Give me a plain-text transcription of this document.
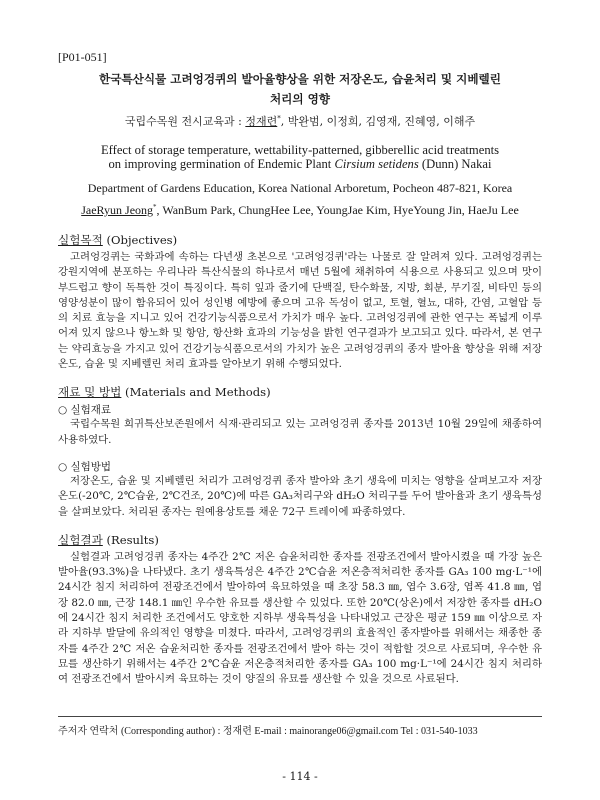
[P01-051]
한국특산식물 고려엉겅퀴의 발아율향상을 위한 저장온도, 습윤처리 및 지베렐린
처리의 영향
국립수목원 전시교육과 : 정재련*, 박완범, 이정희, 김영재, 진혜영, 이해주
Effect of storage temperature, wettability-patterned, gibberellic acid treatments
on improving germination of Endemic Plant Cirsium setidens (Dunn) Nakai
Department of Gardens Education, Korea National Arboretum, Pocheon 487-821, Korea
JaeRyun Jeong*, WanBum Park, ChungHee Lee, YoungJae Kim, HyeYoung Jin, HaeJu Lee
실험목적 (Objectives)
고려엉겅퀴는 국화과에 속하는 다년생 초본으로 '고려엉겅퀴'라는 나물로 잘 알려져 있다. 고려엉겅퀴는 강원지역에 분포하는 우리나라 특산식물의 하나로서 매년 5월에 채취하여 식용으로 사용되고 있으며 맛이 부드럽고 향이 독특한 것이 특징이다. 특히 잎과 줄기에 단백질, 탄수화물, 지방, 회분, 무기질, 비타민 등의 영양성분이 많이 함유되어 있어 성인병 예방에 좋으며 고유 독성이 없고, 토혈, 혈뇨, 대하, 간염, 고혈압 등의 치료 효능을 지니고 있어 건강기능식품으로서 가치가 매우 높다. 고려엉겅퀴에 관한 연구는 폭넓게 이루어져 있지 않으나 항노화 및 항암, 항산화 효과의 기능성을 밝힌 연구결과가 보고되고 있다. 따라서, 본 연구는 약리효능을 가지고 있어 건강기능식품으로서의 가치가 높은 고려엉겅퀴의 종자 발아율 향상을 위해 저장온도, 습윤 및 지베렐린 처리 효과를 알아보기 위해 수행되었다.
재료 및 방법 (Materials and Methods)
○ 실험재료
국립수목원 희귀특산보존원에서 식재·관리되고 있는 고려엉겅퀴 종자를 2013년 10월 29일에 채종하여 사용하였다.
○ 실험방법
저장온도, 습윤 및 지베렐린 처리가 고려엉겅퀴 종자 발아와 초기 생육에 미치는 영향을 살펴보고자 저장온도(-20℃, 2℃습윤, 2℃건조, 20℃)에 따른 GA₃처리구와 dH₂O 처리구를 두어 발아율과 초기 생육특성을 살펴보았다. 처리된 종자는 원예용상토를 채운 72구 트레이에 파종하였다.
실험결과 (Results)
실험결과 고려엉겅퀴 종자는 4주간 2℃ 저온 습윤처리한 종자를 전광조건에서 발아시켰을 때 가장 높은 발아율(93.3%)을 나타냈다. 초기 생육특성은 4주간 2℃습윤 저온층적처리한 종자를 GA₃ 100 mg·L⁻¹에 24시간 침지 처리하여 전광조건에서 발아하여 육묘하였을 때 초장 58.3 ㎜, 엽수 3.6장, 엽폭 41.8 ㎜, 엽장 82.0 ㎜, 근장 148.1 ㎜인 우수한 유묘를 생산할 수 있었다. 또한 20℃(상온)에서 저장한 종자를 dH₂O에 24시간 침지 처리한 조건에서도 양호한 지하부 생육특성을 나타내었고 근장은 평균 159 ㎜ 이상으로 자라 지하부 발달에 유의적인 영향을 미쳤다. 따라서, 고려엉겅퀴의 효율적인 종자발아를 위해서는 채종한 종자를 4주간 2℃ 저온 습윤처리한 종자를 전광조건에서 발아 하는 것이 적합할 것으로 사료되며, 우수한 유묘를 생산하기 위해서는 4주간 2℃습윤 저온층적처리한 종자를 GA₃ 100 mg·L⁻¹에 24시간 침지 처리하여 전광조건에서 발아시켜 육묘하는 것이 양질의 유묘를 생산할 수 있을 것으로 사료된다.
주저자 연락처 (Corresponding author) : 정재련 E-mail : mainorange06@gmail.com Tel : 031-540-1033
- 114 -
